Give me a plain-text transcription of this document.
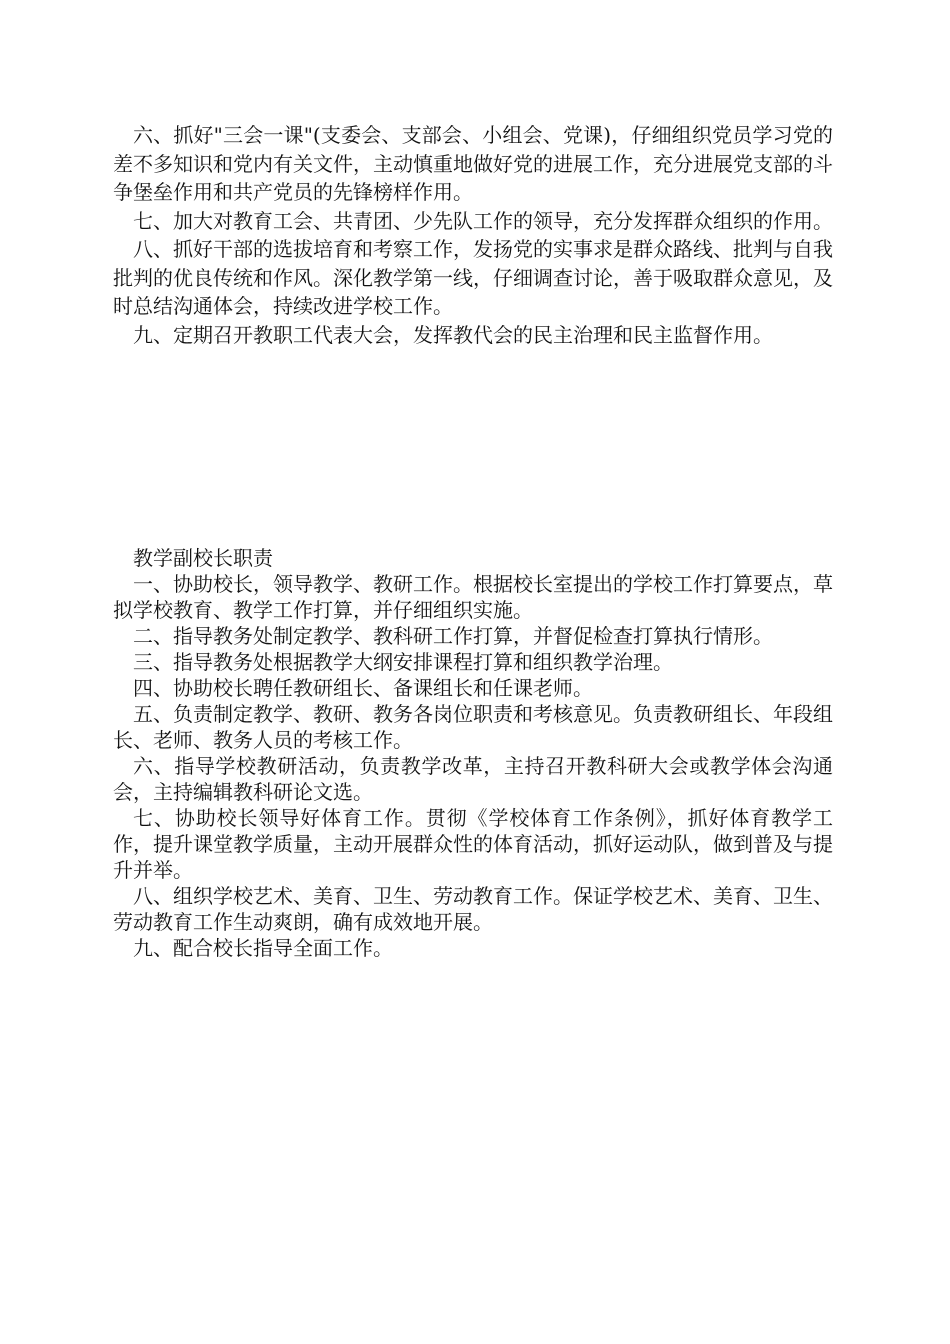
六、抓好"三会一课"(支委会、支部会、小组会、党课)，仔细组织党员学习党的差不多知识和党内有关文件，主动慎重地做好党的进展工作，充分进展党支部的斗争堡垒作用和共产党员的先锋榜样作用。

七、加大对教育工会、共青团、少先队工作的领导，充分发挥群众组织的作用。

八、抓好干部的选拔培育和考察工作，发扬党的实事求是群众路线、批判与自我批判的优良传统和作风。深化教学第一线，仔细调查讨论，善于吸取群众意见，及时总结沟通体会，持续改进学校工作。

九、定期召开教职工代表大会，发挥教代会的民主治理和民主监督作用。

教学副校长职责

一、协助校长，领导教学、教研工作。根据校长室提出的学校工作打算要点，草拟学校教育、教学工作打算，并仔细组织实施。

二、指导教务处制定教学、教科研工作打算，并督促检查打算执行情形。

三、指导教务处根据教学大纲安排课程打算和组织教学治理。

四、协助校长聘任教研组长、备课组长和任课老师。

五、负责制定教学、教研、教务各岗位职责和考核意见。负责教研组长、年段组长、老师、教务人员的考核工作。

六、指导学校教研活动，负责教学改革，主持召开教科研大会或教学体会沟通会，主持编辑教科研论文选。

七、协助校长领导好体育工作。贯彻《学校体育工作条例》，抓好体育教学工作，提升课堂教学质量，主动开展群众性的体育活动，抓好运动队，做到普及与提升并举。

八、组织学校艺术、美育、卫生、劳动教育工作。保证学校艺术、美育、卫生、劳动教育工作生动爽朗，确有成效地开展。

九、配合校长指导全面工作。
